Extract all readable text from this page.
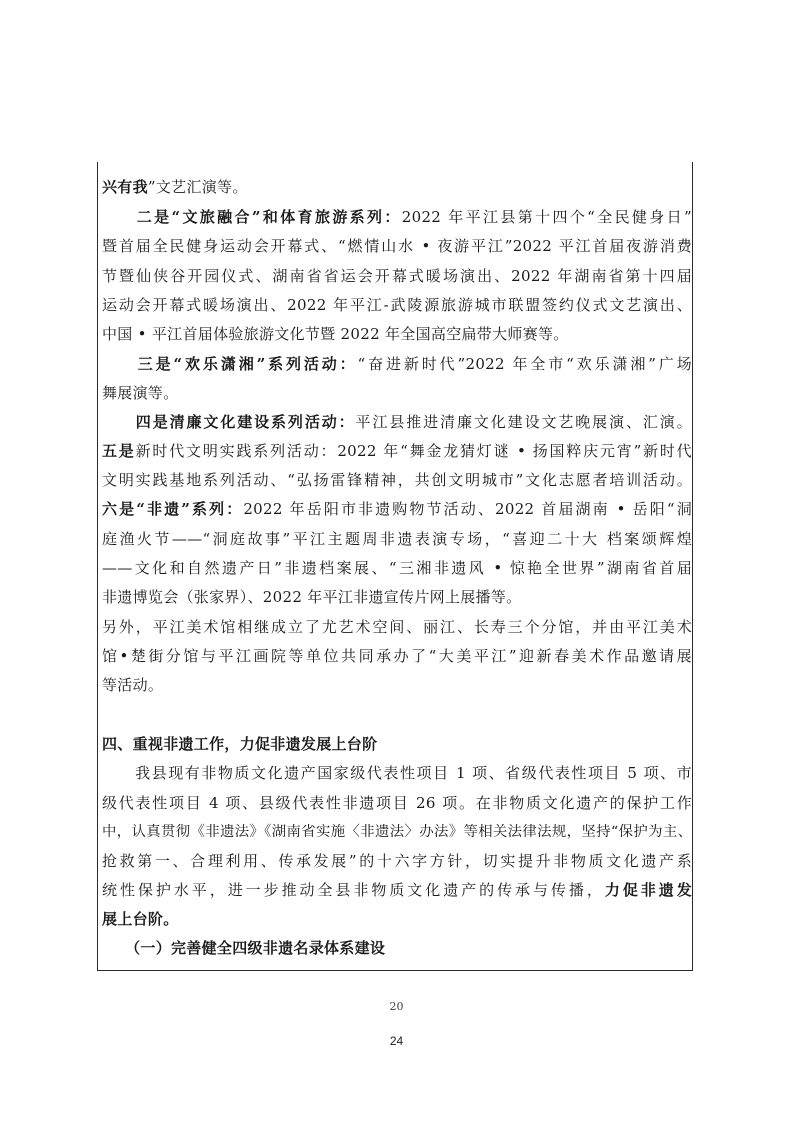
兴有我”文艺汇演等。
　　二是“文旅融合”和体育旅游系列：2022 年平江县第十四个“全民健身日”
暨首届全民健身运动会开幕式、“燃情山水 • 夜游平江”2022 平江首届夜游消费
节暨仙侠谷开园仪式、湖南省省运会开幕式暖场演出、2022 年湖南省第十四届
运动会开幕式暖场演出、2022 年平江-武陵源旅游城市联盟签约仪式文艺演出、
中国 • 平江首届体验旅游文化节暨 2022 年全国高空扁带大师赛等。
　　三是“欢乐潇湘”系列活动：“奋进新时代”2022 年全市“欢乐潇湘”广场
舞展演等。
　　四是清廉文化建设系列活动：平江县推进清廉文化建设文艺晚展演、汇演。
五是新时代文明实践系列活动：2022 年“舞金龙猜灯谜 • 扬国粹庆元宵”新时代
文明实践基地系列活动、“弘扬雷锋精神，共创文明城市”文化志愿者培训活动。
六是“非遗”系列：2022 年岳阳市非遗购物节活动、2022 首届湖南 • 岳阳“洞
庭渔火节——“洞庭故事”平江主题周非遗表演专场，“喜迎二十大 档案颂辉煌
——文化和自然遗产日”非遗档案展、“三湘非遗风 • 惊艳全世界”湖南省首届
非遗博览会（张家界）、2022 年平江非遗宣传片网上展播等。
另外，平江美术馆相继成立了尤艺术空间、丽江、长寿三个分馆，并由平江美术
馆•楚街分馆与平江画院等单位共同承办了“大美平江”迎新春美术作品邀请展
等活动。
四、重视非遗工作，力促非遗发展上台阶
　　我县现有非物质文化遗产国家级代表性项目 1 项、省级代表性项目 5 项、市
级代表性项目 4 项、县级代表性非遗项目 26 项。在非物质文化遗产的保护工作
中，认真贯彻《非遗法》《湖南省实施〈非遗法〉办法》等相关法律法规，坚持“保护为主、
抢救第一、合理利用、传承发展”的十六字方针，切实提升非物质文化遗产系
统性保护水平，进一步推动全县非物质文化遗产的传承与传播，力促非遗发
展上台阶。
　　（一）完善健全四级非遗名录体系建设
20
24
